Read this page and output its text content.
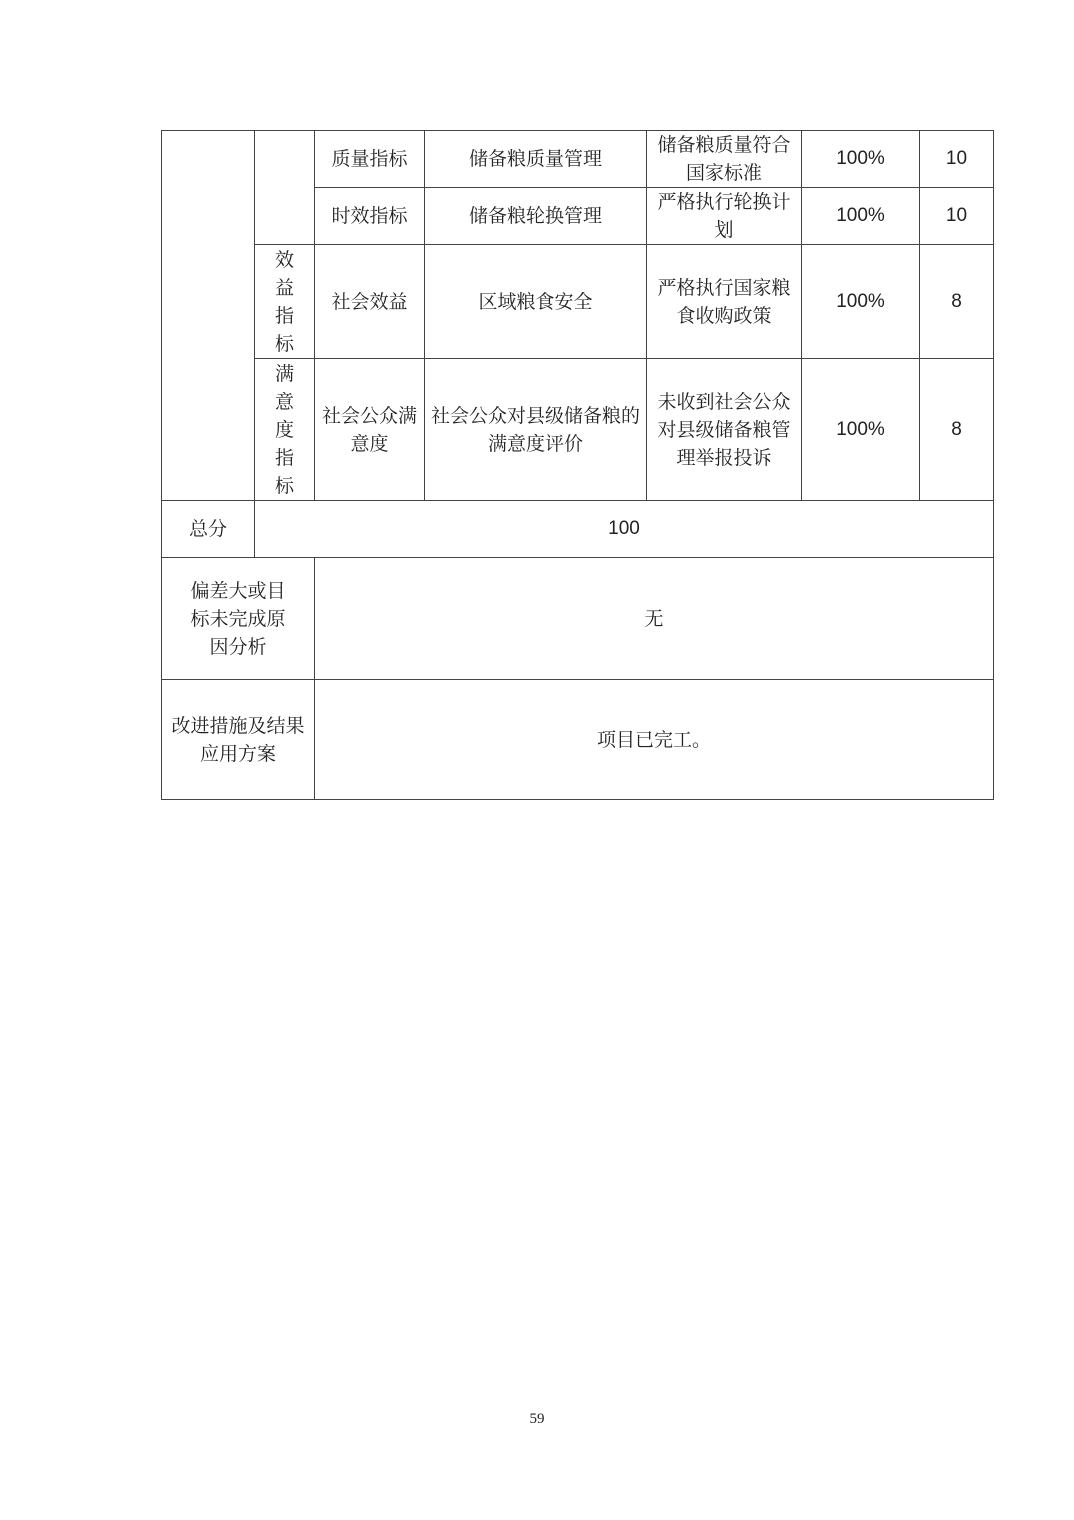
		质量指标	储备粮质量管理	储备粮质量符合国家标准	100%	10
		时效指标	储备粮轮换管理	严格执行轮换计划	100%	10
	效益指标	社会效益	区域粮食安全	严格执行国家粮食收购政策	100%	8
	满意度指标	社会公众满意度	社会公众对县级储备粮的满意度评价	未收到社会公众对县级储备粮管理举报投诉	100%	8
总分	100					
偏差大或目标未完成原因分析		无				
改进措施及结果应用方案		项目已完工。				
59
